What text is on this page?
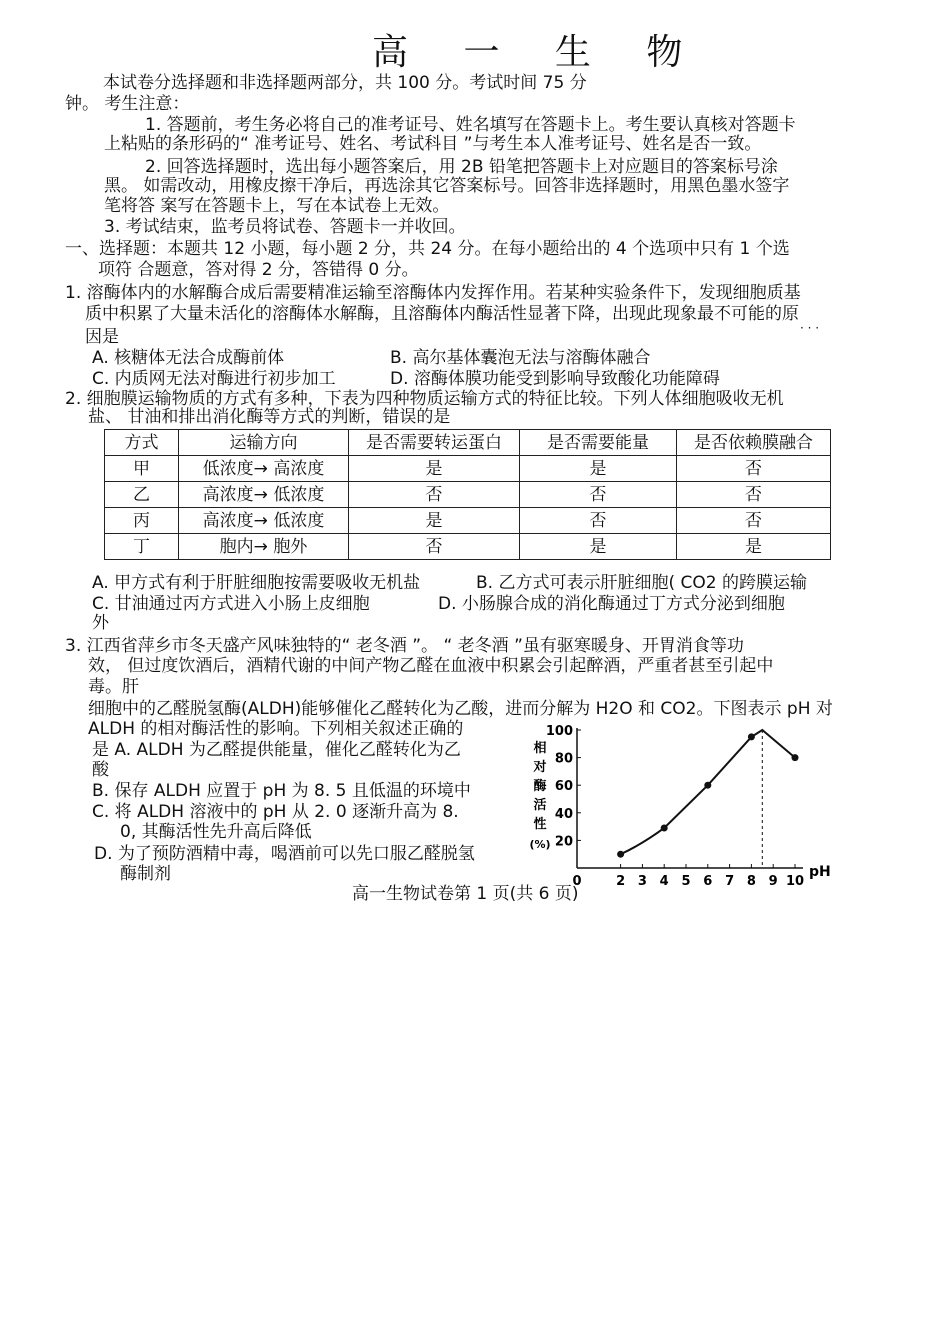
高 一 生 物
本试卷分选择题和非选择题两部分，共 100 分。考试时间 75 分
钟。 考生注意：
1. 答题前，考生务必将自己的准考证号、姓名填写在答题卡上。考生要认真核对答题卡
上粘贴的条形码的“ 准考证号、姓名、考试科目 ”与考生本人准考证号、姓名是否一致。
2. 回答选择题时，选出每小题答案后，用 2B 铅笔把答题卡上对应题目的答案标号涂
黑。 如需改动，用橡皮擦干净后，再选涂其它答案标号。回答非选择题时，用黑色墨水签字
笔将答 案写在答题卡上，写在本试卷上无效。
3. 考试结束，监考员将试卷、答题卡一并收回。
一、选择题：本题共 12 小题，每小题 2 分，共 24 分。在每小题给出的 4 个选项中只有 1 个选
项符 合题意，答对得 2 分，答错得 0 分。
1. 溶酶体内的水解酶合成后需要精准运输至溶酶体内发挥作用。若某种实验条件下，发现细胞质基
质中积累了大量未活化的溶酶体水解酶，且溶酶体内酶活性显著下降，出现此现象最不可能的原
因是	· · ·
A. 核糖体无法合成酶前体	B. 高尔基体囊泡无法与溶酶体融合
C. 内质网无法对酶进行初步加工	D. 溶酶体膜功能受到影响导致酸化功能障碍
2. 细胞膜运输物质的方式有多种，下表为四种物质运输方式的特征比较。下列人体细胞吸收无机
盐、 甘油和排出消化酶等方式的判断，错误的是
方式	运输方向	是否需要转运蛋白	是否需要能量	是否依赖膜融合
甲	低浓度→ 高浓度	是	是	否
乙	高浓度→ 低浓度	否	否	否
丙	高浓度→ 低浓度	是	否	否
丁	胞内→ 胞外	否	是	是
A. 甲方式有利于肝脏细胞按需要吸收无机盐	B. 乙方式可表示肝脏细胞( CO2 的跨膜运输
C. 甘油通过丙方式进入小肠上皮细胞	D. 小肠腺合成的消化酶通过丁方式分泌到细胞
外
3. 江西省萍乡市冬天盛产风味独特的“ 老冬酒 ”。 “ 老冬酒 ”虽有驱寒暖身、开胃消食等功
效， 但过度饮酒后，酒精代谢的中间产物乙醛在血液中积累会引起醉酒，严重者甚至引起中
毒。肝
细胞中的乙醛脱氢酶(ALDH)能够催化乙醛转化为乙酸，进而分解为 H2O 和 CO2。下图表示 pH 对
ALDH 的相对酶活性的影响。下列相关叙述正确的
是 A. ALDH 为乙醛提供能量，催化乙醛转化为乙
酸
B. 保存 ALDH 应置于 pH 为 8. 5 且低温的环境中
C. 将 ALDH 溶液中的 pH 从 2. 0 逐渐升高为 8.
0, 其酶活性先升高后降低
D. 为了预防酒精中毒，喝酒前可以先口服乙醛脱氢
酶制剂
20
40
60
80
100
0	2 3 4 5 6 7 8 9 10
pH
相对酶活性(%)
高一生物试卷第 1 页(共 6 页)
